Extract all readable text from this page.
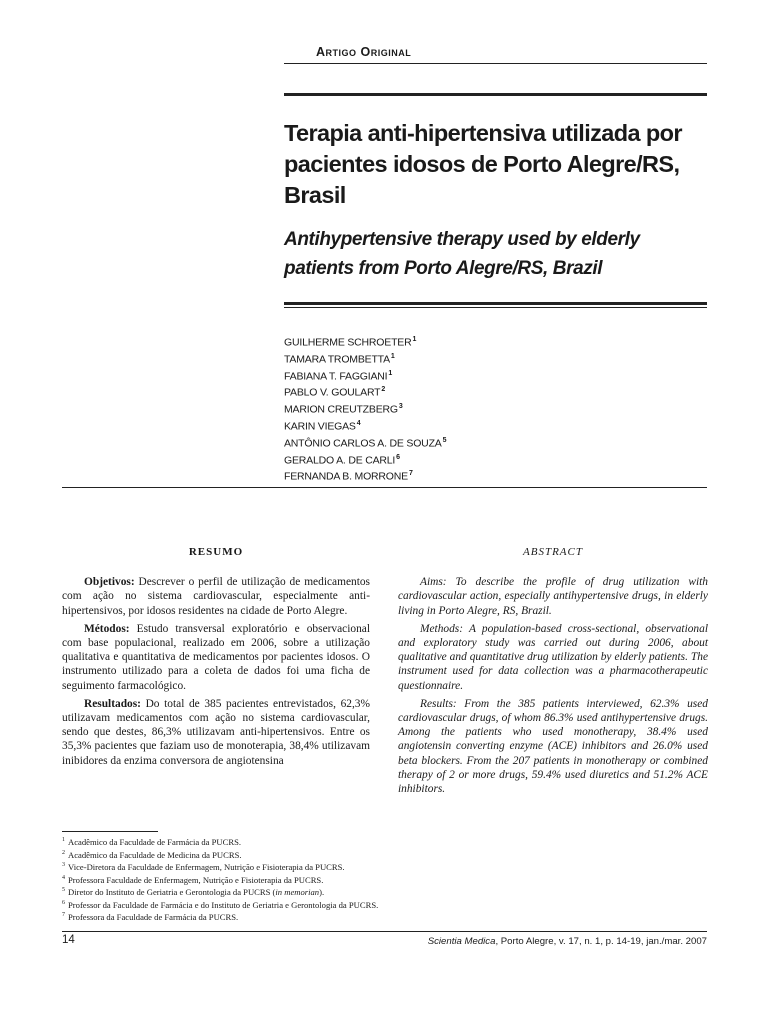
Artigo Original
Terapia anti-hipertensiva utilizada por pacientes idosos de Porto Alegre/RS, Brasil
Antihypertensive therapy used by elderly patients from Porto Alegre/RS, Brazil
GUILHERME SCHROETER$^1$
TAMARA TROMBETTA$^1$
FABIANA T. FAGGIANI$^1$
PABLO V. GOULART$^2$
MARION CREUTZBERG$^3$
KARIN VIEGAS$^4$
ANTÔNIO CARLOS A. DE SOUZA$^5$
GERALDO A. DE CARLI$^6$
FERNANDA B. MORRONE$^7$
RESUMO

Objetivos: Descrever o perfil de utilização de medicamentos com ação no sistema cardiovascular, especialmente anti-hipertensivos, por idosos residentes na cidade de Porto Alegre.

Métodos: Estudo transversal exploratório e observacional com base populacional, realizado em 2006, sobre a utilização qualitativa e quantitativa de medicamentos por pacientes idosos. O instrumento utilizado para a coleta de dados foi uma ficha de seguimento farmacológico.

Resultados: Do total de 385 pacientes entrevistados, 62,3% utilizavam medicamentos com ação no sistema cardiovascular, sendo que destes, 86,3% utilizavam anti-hipertensivos. Entre os 35,3% pacientes que faziam uso de monoterapia, 38,4% utilizavam inibidores da enzima conversora de angiotensina

ABSTRACT

Aims: To describe the profile of drug utilization with cardiovascular action, especially antihypertensive drugs, in elderly living in Porto Alegre, RS, Brazil.

Methods: A population-based cross-sectional, observational and exploratory study was carried out during 2006, about qualitative and quantitative drug utilization by elderly patients. The instrument used for data collection was a pharmacotherapeutic questionnaire.

Results: From the 385 patients interviewed, 62.3% used cardiovascular drugs, of whom 86.3% used antihypertensive drugs. Among the patients who used monotherapy, 38.4% used angiotensin converting enzyme (ACE) inhibitors and 26.0% used beta blockers. From the 207 patients in monotherapy or combined therapy of 2 or more drugs, 59.4% used diuretics and 51.2% ACE inhibitors.

$^1$ Acadêmico da Faculdade de Farmácia da PUCRS.
$^2$ Acadêmico da Faculdade de Medicina da PUCRS.
$^3$ Vice-Diretora da Faculdade de Enfermagem, Nutrição e Fisioterapia da PUCRS.
$^4$ Professora Faculdade de Enfermagem, Nutrição e Fisioterapia da PUCRS.
$^5$ Diretor do Instituto de Geriatria e Gerontologia da PUCRS (in memorian).
$^6$ Professor da Faculdade de Farmácia e do Instituto de Geriatria e Gerontologia da PUCRS.
$^7$ Professora da Faculdade de Farmácia da PUCRS.
14	Scientia Medica, Porto Alegre, v. 17, n. 1, p. 14-19, jan./mar. 2007
